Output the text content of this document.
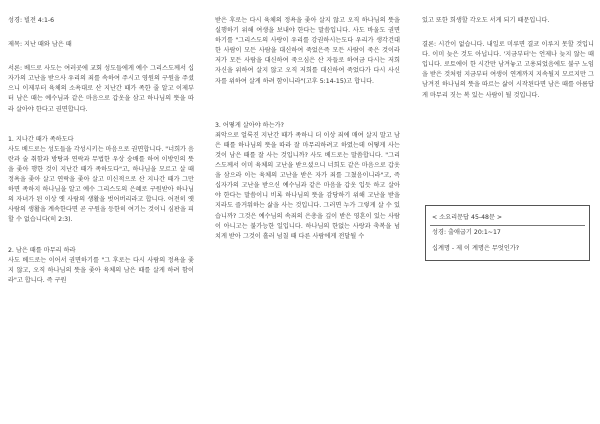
성경: 빌전 4:1-6

제목: 지난 때와 남은 때

서론: 베드로 사도는 여러곳에 교회 성도들에게 예수 그리스도께서 십자가의 고난을 받으사 우리의 죄를 속하여 주시고 영원의 구원을 주셨으니 이제부터 육체의 소욕대로 산 지난간 때가 족한 줄 알고 이제부터 남은 때는 예수님과 같은 마음으로 갑옷을 삼고 하나님의 뜻을 따라 살아야 한다고 권면합니다.

1. 지나간 때가 족하도다

사도 베드로는 성도들을 각성시키는 마음으로 권면합니다. "너희가 음란과 술 취함과 방탕과 연락과 무법한 우상 숭배를 하여 이방인의 뜻을 좇아 행한 것이 지난간 때가 족하도다"고, 하나님을 모르고 살 때 정욕을 좇아 살고 연락을 좇아 살고 미신적으로 산 지나간 때가 그만하면 족하지 하나님을 알고 예수 그리스도의 은혜로 구원받아 하나님의 자녀가 된 이상 옛 사람의 생활을 벗어버리라고 합니다. 어전히 옛 사람의 생활을 계속한다면 곧 구원을 등한히 여기는 것이니 심판을 피할 수 없습니다(히 2:3).

2. 남은 때를 마무리 하라

사도 베드로는 이어서 권면하기를 "그 후로는 다시 사람의 정욕을 좇지 않고, 오직 하나님의 뜻을 좇아 육체의 남은 때를 살게 하려 함이라"고 합니다. 즉 구원

받은 후로는 다시 육체의 정욕을 좇아 살지 않고 오직 하나님의 뜻을 실행하기 위해 여생을 보내야 한다는 말씀입니다. 사도 바울도 권면하기를 "그리스도의 사랑이 우리를 강권하시는도다 우리가 생각건대 한 사람이 모든 사람을 대신하여 죽었은즉 모든 사람이 죽은 것이라 저가 모든 사람을 대신하여 죽으심은 산 자들로 하여금 다시는 저희 자신을 위하여 살지 않고 오직 저희를 대신하여 죽었다가 다시 사신 자를 위하여 살게 하려 함이니라"(고후 5:14-15)고 합니다.

3. 어떻게 살아야 하는가?

죄악으로 얼룩진 지난간 때가 족하니 더 이상 죄에 매여 살지 말고 남은 때를 하나님의 뜻을 따라 잘 마무리하려고 하였는데 어떻게 사는 것이 남은 때를 잘 사는 것입니까? 사도 베드로는 말씀합니다. "그리스도께서 이미 육체의 고난을 받으셨으니 너희도 같은 마음으로 갑옷을 삼으라 이는 육체의 고난을 받은 자가 죄를 그쳤음이니라"고, 즉 십자가의 고난을 받으신 예수님과 같은 마음을 갑옷 입듯 하고 살아야 한다는 말씀이니 비록 하나님의 뜻을 감당하기 위해 고난을 받을지라도 즐거워하는 삶을 사는 것입니다. 그러면 누가 그렇게 살 수 있습니까? 그것은 예수님의 속죄의 은총을 깊이 받은 영혼이 있는 사람이 아니고는 불가능한 일입니다. 하나님의 한없는 사랑과 축복을 넘치게 받아 그것이 흘러 넘칠 때 다른 사람에게 전달될 수

있고 또한 희생할 각오도 서게 되기 때문입니다.

결론: 시간이 없습니다. 내일로 미루면 결코 이루지 못할 것입니다. 이미 늦은 것도 아닙니다. '지금부터'는 언제나 늦지 않는 때입니다. 로토에이 한 시간만 남겨놓고 고용되었음에도 불구 노임을 받은 것처럼 지금부터 여생이 연계까지 지속될지 모르지만 그 남겨진 하나님의 뜻을 따르는 삶이 시작된다면 남은 때를 아름답게 마무리 짓는 복 있는 사람이 될 것입니다.

< 소요리문답 45-48문 >
성경: 출애굽기 20:1~17
십계명 - 제 이 계명은 무엇인가?
